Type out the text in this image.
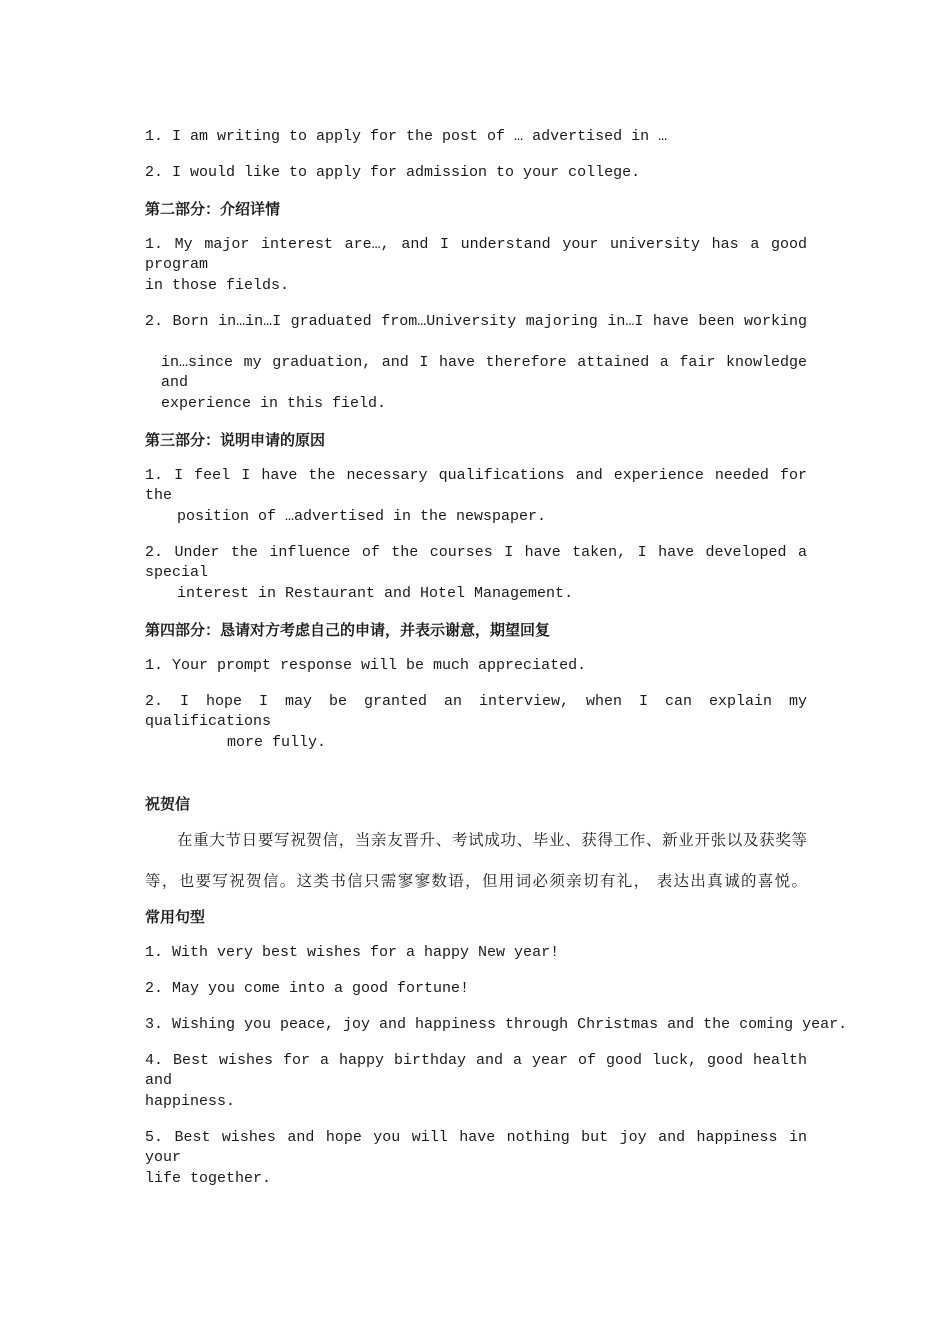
1. I am writing to apply for the post of … advertised in …
2. I would like to apply for admission to your college.
第二部分：介绍详情
1. My major interest are…, and I understand your university has a good program
in those fields.
2. Born in…in…I graduated from…University majoring in…I have been working
in…since my graduation, and I have therefore attained a fair knowledge and
experience in this field.
第三部分：说明申请的原因
1. I feel I have the necessary qualifications and experience needed for the
position of …advertised in the newspaper.
2. Under the influence of the courses I have taken, I have developed a special
interest in Restaurant and Hotel Management.
第四部分：恳请对方考虑自己的申请，并表示谢意，期望回复
1. Your prompt response will be much appreciated.
2. I hope I may be granted an interview, when I can explain my qualifications
more fully.
祝贺信
在重大节日要写祝贺信，当亲友晋升、考试成功、毕业、获得工作、新业开张以及获奖等
等，也要写祝贺信。这类书信只需寥寥数语，但用词必须亲切有礼， 表达出真诚的喜悦。
常用句型
1. With very best wishes for a happy New year!
2. May you come into a good fortune!
3. Wishing you peace, joy and happiness through Christmas and the coming year.
4. Best wishes for a happy birthday and a year of good luck, good health and
happiness.
5. Best wishes and hope you will have nothing but joy and happiness in your
life together.
